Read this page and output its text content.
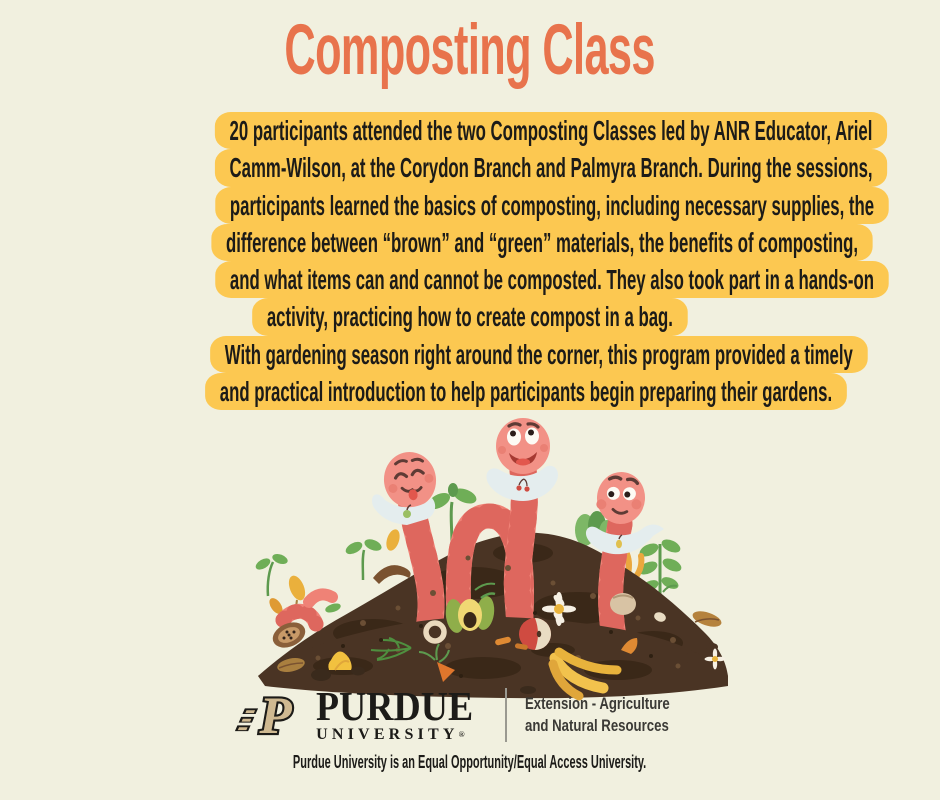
Composting Class
20 participants attended the two Composting Classes led by ANR Educator, Ariel
Camm-Wilson, at the Corydon Branch and Palmyra Branch. During the sessions,
participants learned the basics of composting, including necessary supplies, the
difference between “brown” and “green” materials, the benefits of composting,
and what items can and cannot be composted. They also took part in a hands-on
activity, practicing how to create compost in a bag.
With gardening season right around the corner, this program provided a timely
and practical introduction to help participants begin preparing their gardens.
P PURDUE
UNIVERSITY®
Extension - Agriculture
and Natural Resources
Purdue University is an Equal Opportunity/Equal Access University.
